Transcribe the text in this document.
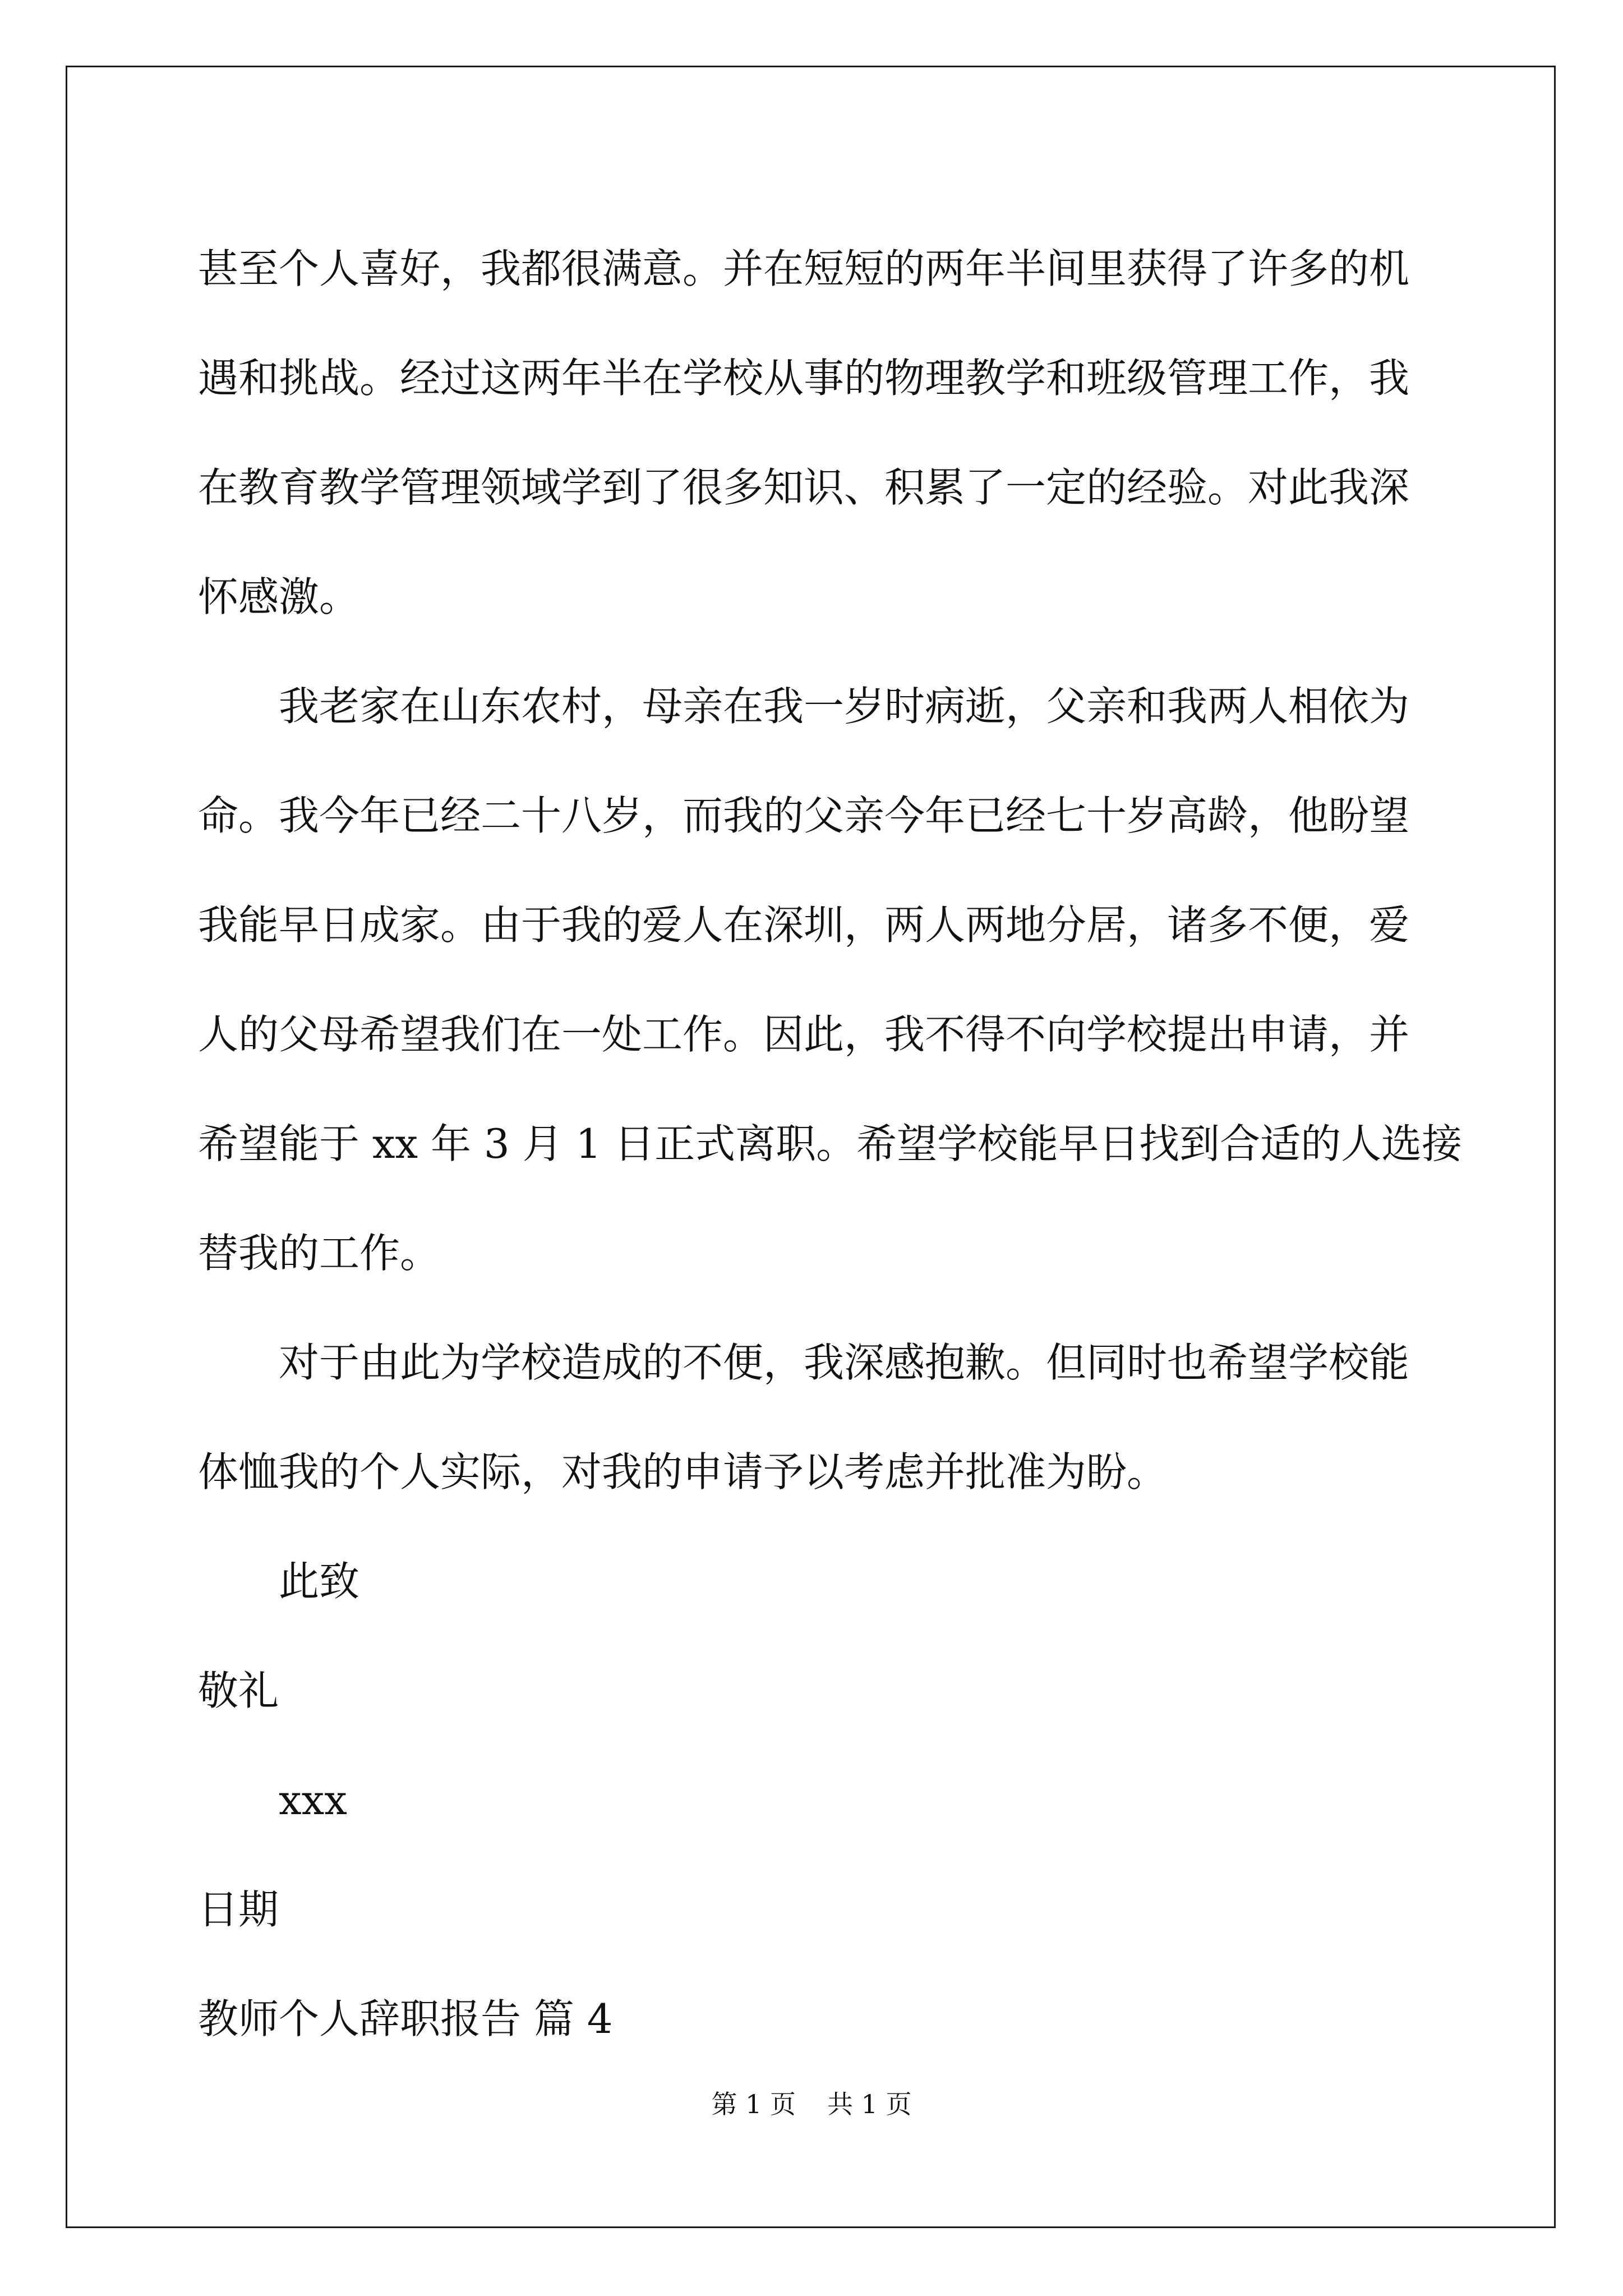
甚至个人喜好，我都很满意。并在短短的两年半间里获得了许多的机
遇和挑战。经过这两年半在学校从事的物理教学和班级管理工作，我
在教育教学管理领域学到了很多知识、积累了一定的经验。对此我深
怀感激。
我老家在山东农村，母亲在我一岁时病逝，父亲和我两人相依为
命。我今年已经二十八岁，而我的父亲今年已经七十岁高龄，他盼望
我能早日成家。由于我的爱人在深圳，两人两地分居，诸多不便，爱
人的父母希望我们在一处工作。因此，我不得不向学校提出申请，并
希望能于 xx 年 3 月 1 日正式离职。希望学校能早日找到合适的人选接
替我的工作。
对于由此为学校造成的不便，我深感抱歉。但同时也希望学校能
体恤我的个人实际，对我的申请予以考虑并批准为盼。
此致
敬礼
xxx
日期
教师个人辞职报告 篇 4
第 1 页 共 1 页
